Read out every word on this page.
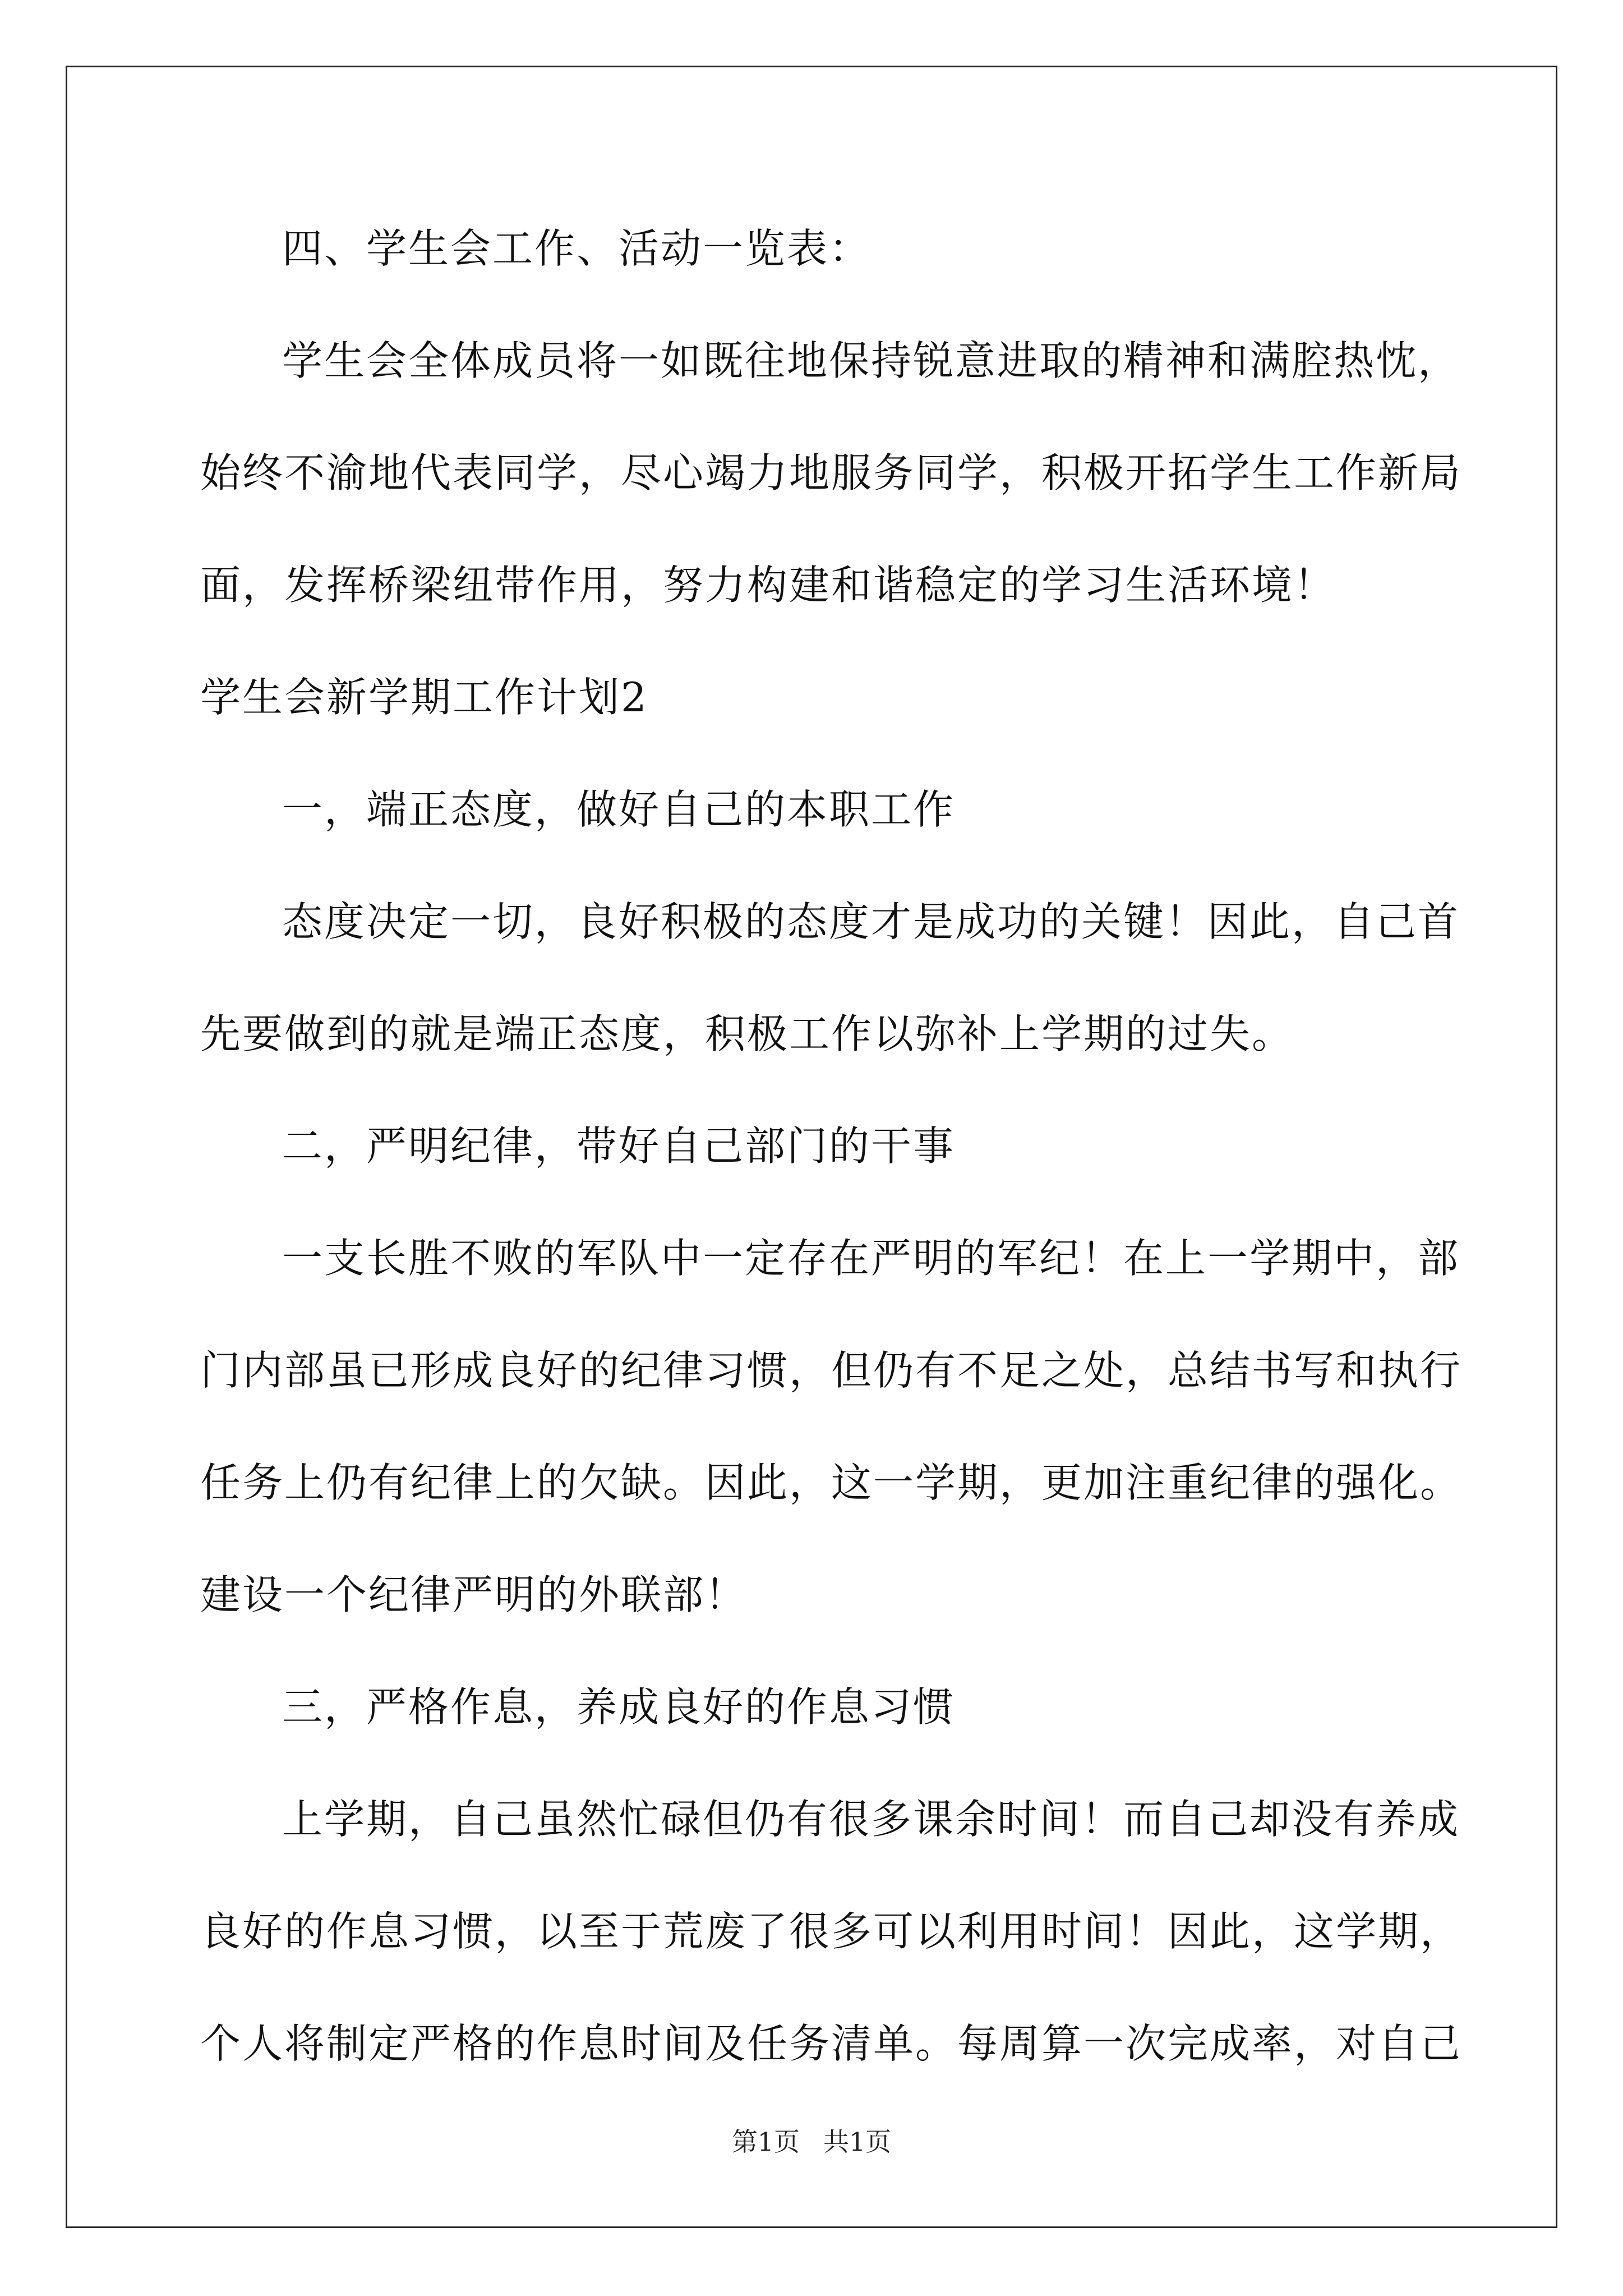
四、学生会工作、活动一览表：
学生会全体成员将一如既往地保持锐意进取的精神和满腔热忱，
始终不渝地代表同学，尽心竭力地服务同学，积极开拓学生工作新局
面，发挥桥梁纽带作用，努力构建和谐稳定的学习生活环境！
学生会新学期工作计划2
一，端正态度，做好自己的本职工作
态度决定一切，良好积极的态度才是成功的关键！因此，自己首
先要做到的就是端正态度，积极工作以弥补上学期的过失。
二，严明纪律，带好自己部门的干事
一支长胜不败的军队中一定存在严明的军纪！在上一学期中，部
门内部虽已形成良好的纪律习惯，但仍有不足之处，总结书写和执行
任务上仍有纪律上的欠缺。因此，这一学期，更加注重纪律的强化。
建设一个纪律严明的外联部！
三，严格作息，养成良好的作息习惯
上学期，自己虽然忙碌但仍有很多课余时间！而自己却没有养成
良好的作息习惯，以至于荒废了很多可以利用时间！因此，这学期，
个人将制定严格的作息时间及任务清单。每周算一次完成率，对自己
第1页 共1页
